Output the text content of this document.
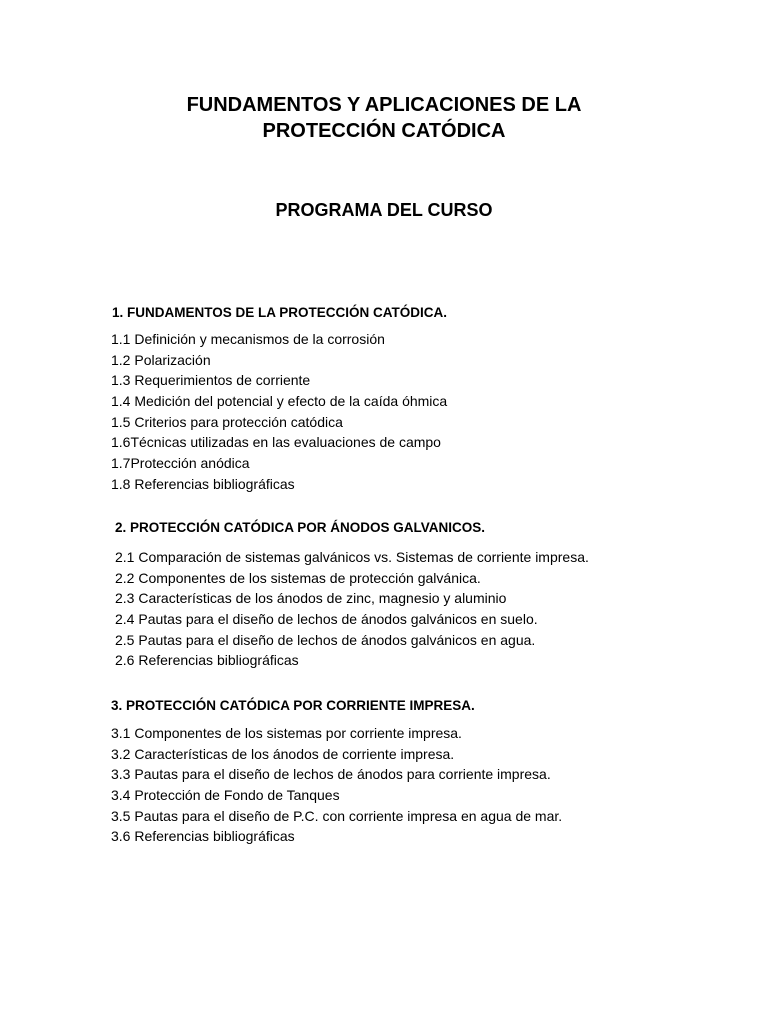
FUNDAMENTOS Y APLICACIONES DE LA
PROTECCIÓN CATÓDICA
PROGRAMA DEL CURSO
1. FUNDAMENTOS DE LA PROTECCIÓN CATÓDICA.
1.1 Definición y mecanismos de la corrosión
1.2 Polarización
1.3 Requerimientos de corriente
1.4 Medición del potencial y efecto de la caída óhmica
1.5 Criterios para protección catódica
1.6Técnicas utilizadas en las evaluaciones de campo
1.7Protección anódica
1.8 Referencias bibliográficas
2. PROTECCIÓN CATÓDICA POR ÁNODOS GALVANICOS.
2.1 Comparación de sistemas galvánicos vs. Sistemas de corriente impresa.
2.2 Componentes de los sistemas de protección galvánica.
2.3 Características de los ánodos de zinc, magnesio y aluminio
2.4 Pautas para el diseño de lechos de ánodos galvánicos en suelo.
2.5 Pautas para el diseño de lechos de ánodos galvánicos en agua.
2.6 Referencias bibliográficas
3. PROTECCIÓN CATÓDICA POR CORRIENTE IMPRESA.
3.1 Componentes de los sistemas por corriente impresa.
3.2 Características de los ánodos de corriente impresa.
3.3 Pautas para el diseño de lechos de ánodos para corriente impresa.
3.4 Protección de Fondo de Tanques
3.5 Pautas para el diseño de P.C. con corriente impresa en agua de mar.
3.6 Referencias bibliográficas
